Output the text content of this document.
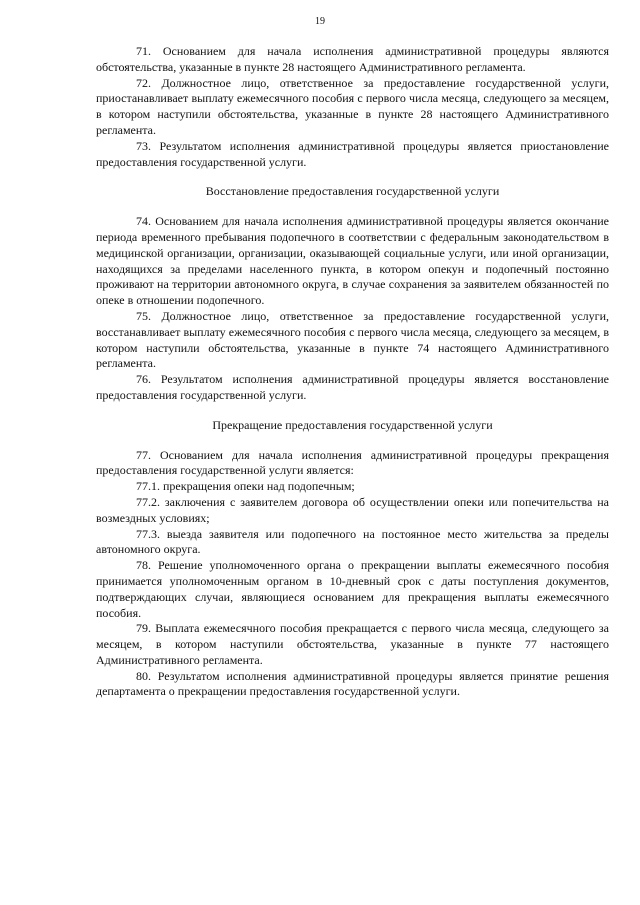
19

71. Основанием для начала исполнения административной процедуры являются обстоятельства, указанные в пункте 28 настоящего Административного регламента.

72. Должностное лицо, ответственное за предоставление государственной услуги, приостанавливает выплату ежемесячного пособия с первого числа месяца, следующего за месяцем, в котором наступили обстоятельства, указанные в пункте 28 настоящего Административного регламента.

73. Результатом исполнения административной процедуры является приостановление предоставления государственной услуги.

Восстановление предоставления государственной услуги

74. Основанием для начала исполнения административной процедуры является окончание периода временного пребывания подопечного в соответствии с федеральным законодательством в медицинской организации, организации, оказывающей социальные услуги, или иной организации, находящихся за пределами населенного пункта, в котором опекун и подопечный постоянно проживают на территории автономного округа, в случае сохранения за заявителем обязанностей по опеке в отношении подопечного.

75. Должностное лицо, ответственное за предоставление государственной услуги, восстанавливает выплату ежемесячного пособия с первого числа месяца, следующего за месяцем, в котором наступили обстоятельства, указанные в пункте 74 настоящего Административного регламента.

76. Результатом исполнения административной процедуры является восстановление предоставления государственной услуги.

Прекращение предоставления государственной услуги

77. Основанием для начала исполнения административной процедуры прекращения предоставления государственной услуги является:

77.1. прекращения опеки над подопечным;

77.2. заключения с заявителем договора об осуществлении опеки или попечительства на возмездных условиях;

77.3. выезда заявителя или подопечного на постоянное место жительства за пределы автономного округа.

78. Решение уполномоченного органа о прекращении выплаты ежемесячного пособия принимается уполномоченным органом в 10-дневный срок с даты поступления документов, подтверждающих случаи, являющиеся основанием для прекращения выплаты ежемесячного пособия.

79. Выплата ежемесячного пособия прекращается с первого числа месяца, следующего за месяцем, в котором наступили обстоятельства, указанные в пункте 77 настоящего Административного регламента.

80. Результатом исполнения административной процедуры является принятие решения департамента о прекращении предоставления государственной услуги.
